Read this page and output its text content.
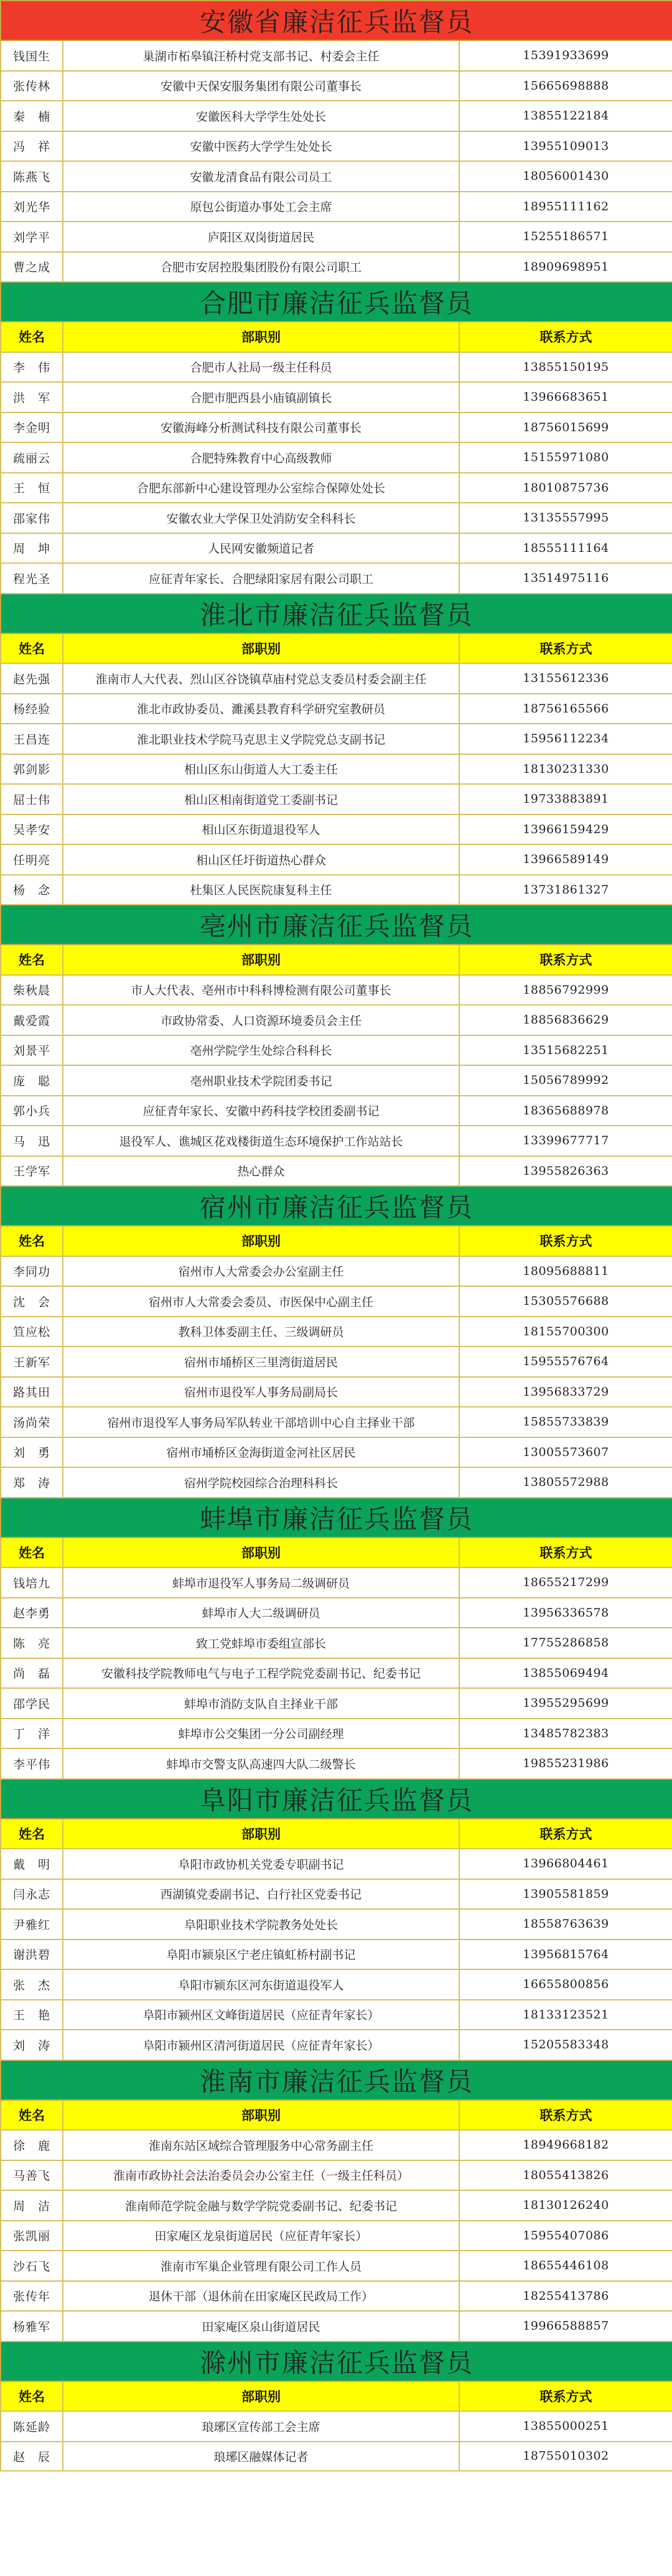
安徽省廉洁征兵监督员		
钱国生	巢湖市柘皋镇汪桥村党支部书记、村委会主任	15391933699
张传林	安徽中天保安服务集团有限公司董事长	15665698888
秦　楠	安徽医科大学学生处处长	13855122184
冯　祥	安徽中医药大学学生处处长	13955109013
陈燕飞	安徽龙清食品有限公司员工	18056001430
刘光华	原包公街道办事处工会主席	18955111162
刘学平	庐阳区双岗街道居民	15255186571
曹之成	合肥市安居控股集团股份有限公司职工	18909698951
合肥市廉洁征兵监督员		
姓名	部职别	联系方式
李　伟	合肥市人社局一级主任科员	13855150195
洪　军	合肥市肥西县小庙镇副镇长	13966683651
李金明	安徽海峰分析测试科技有限公司董事长	18756015699
疏丽云	合肥特殊教育中心高级教师	15155971080
王　恒	合肥东部新中心建设管理办公室综合保障处处长	18010875736
邵家伟	安徽农业大学保卫处消防安全科科长	13135557995
周　坤	人民网安徽频道记者	18555111164
程光圣	应征青年家长、合肥绿阳家居有限公司职工	13514975116
淮北市廉洁征兵监督员		
姓名	部职别	联系方式
赵先强	淮南市人大代表、烈山区谷饶镇草庙村党总支委员村委会副主任	13155612336
杨经验	淮北市政协委员、濉溪县教育科学研究室教研员	18756165566
王昌连	淮北职业技术学院马克思主义学院党总支副书记	15956112234
郭剑影	相山区东山街道人大工委主任	18130231330
屈士伟	相山区相南街道党工委副书记	19733883891
吴孝安	相山区东街道退役军人	13966159429
任明亮	相山区任圩街道热心群众	13966589149
杨　念	杜集区人民医院康复科主任	13731861327
亳州市廉洁征兵监督员		
姓名	部职别	联系方式
柴秋晨	市人大代表、亳州市中科科博检测有限公司董事长	18856792999
戴爱霞	市政协常委、人口资源环境委员会主任	18856836629
刘景平	亳州学院学生处综合科科长	13515682251
庞　聪	亳州职业技术学院团委书记	15056789992
郭小兵	应征青年家长、安徽中药科技学校团委副书记	18365688978
马　迅	退役军人、谯城区花戏楼街道生态环境保护工作站站长	13399677717
王学军	热心群众	13955826363
宿州市廉洁征兵监督员		
姓名	部职别	联系方式
李同功	宿州市人大常委会办公室副主任	18095688811
沈　会	宿州市人大常委会委员、市医保中心副主任	15305576688
笪应松	教科卫体委副主任、三级调研员	18155700300
王新军	宿州市埇桥区三里湾街道居民	15955576764
路其田	宿州市退役军人事务局副局长	13956833729
汤尚荣	宿州市退役军人事务局军队转业干部培训中心自主择业干部	15855733839
刘　勇	宿州市埇桥区金海街道金河社区居民	13005573607
郑　涛	宿州学院校园综合治理科科长	13805572988
蚌埠市廉洁征兵监督员		
姓名	部职别	联系方式
钱培九	蚌埠市退役军人事务局二级调研员	18655217299
赵李勇	蚌埠市人大二级调研员	13956336578
陈　亮	致工党蚌埠市委组宣部长	17755286858
尚　磊	安徽科技学院教师电气与电子工程学院党委副书记、纪委书记	13855069494
邵学民	蚌埠市消防支队自主择业干部	13955295699
丁　洋	蚌埠市公交集团一分公司副经理	13485782383
李平伟	蚌埠市交警支队高速四大队二级警长	19855231986
阜阳市廉洁征兵监督员		
姓名	部职别	联系方式
戴　明	阜阳市政协机关党委专职副书记	13966804461
闫永志	西湖镇党委副书记、白行社区党委书记	13905581859
尹雅红	阜阳职业技术学院教务处处长	18558763639
谢洪碧	阜阳市颍泉区宁老庄镇虹桥村副书记	13956815764
张　杰	阜阳市颍东区河东街道退役军人	16655800856
王　艳	阜阳市颍州区文峰街道居民（应征青年家长）	18133123521
刘　涛	阜阳市颍州区清河街道居民（应征青年家长）	15205583348
淮南市廉洁征兵监督员		
姓名	部职别	联系方式
徐　鹿	淮南东站区域综合管理服务中心常务副主任	18949668182
马善飞	淮南市政协社会法治委员会办公室主任（一级主任科员）	18055413826
周　洁	淮南师范学院金融与数学学院党委副书记、纪委书记	18130126240
张凯丽	田家庵区龙泉街道居民（应征青年家长）	15955407086
沙石飞	淮南市军巢企业管理有限公司工作人员	18655446108
张传年	退休干部（退休前在田家庵区民政局工作）	18255413786
杨雅军	田家庵区泉山街道居民	19966588857
滁州市廉洁征兵监督员		
姓名	部职别	联系方式
陈延龄	琅琊区宣传部工会主席	13855000251
赵　辰	琅琊区融媒体记者	18755010302
